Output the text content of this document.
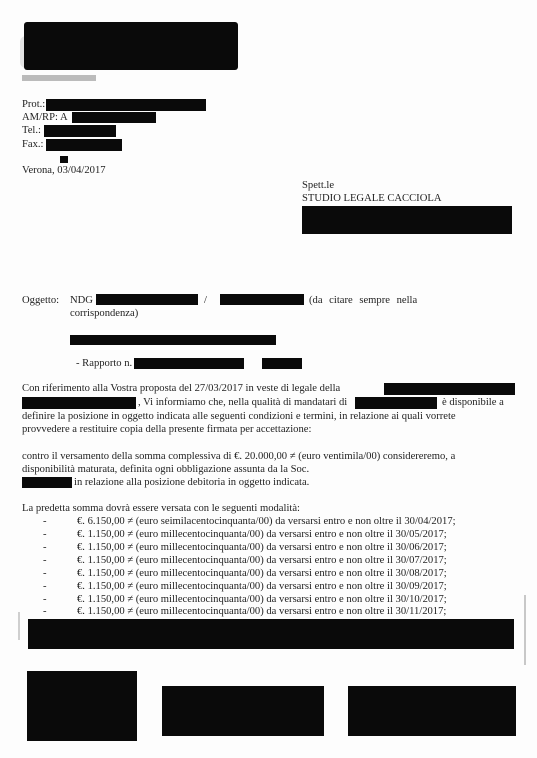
Prot.:
AM/RP: A
Tel.:
Fax.:
Verona, 03/04/2017
Spett.le
STUDIO LEGALE CACCIOLA
Oggetto: NDG	/	(da citare sempre nella
corrispondenza)
- Rapporto n.
Con riferimento alla Vostra proposta del 27/03/2017 in veste di legale della
, Vi informiamo che, nella qualità di mandatari di	è disponibile a
definire la posizione in oggetto indicata alle seguenti condizioni e termini, in relazione ai quali vorrete
provvedere a restituire copia della presente firmata per accettazione:
contro il versamento della somma complessiva di €. 20.000,00 ≠ (euro ventimila/00) considereremo, a
disponibilità maturata, definita ogni obbligazione assunta da la Soc.
in relazione alla posizione debitoria in oggetto indicata.
La predetta somma dovrà essere versata con le seguenti modalità:
-	€. 6.150,00 ≠ (euro seimilacentocinquanta/00) da versarsi entro e non oltre il 30/04/2017;
-	€. 1.150,00 ≠ (euro millecentocinquanta/00) da versarsi entro e non oltre il 30/05/2017;
-	€. 1.150,00 ≠ (euro millecentocinquanta/00) da versarsi entro e non oltre il 30/06/2017;
-	€. 1.150,00 ≠ (euro millecentocinquanta/00) da versarsi entro e non oltre il 30/07/2017;
-	€. 1.150,00 ≠ (euro millecentocinquanta/00) da versarsi entro e non oltre il 30/08/2017;
-	€. 1.150,00 ≠ (euro millecentocinquanta/00) da versarsi entro e non oltre il 30/09/2017;
-	€. 1.150,00 ≠ (euro millecentocinquanta/00) da versarsi entro e non oltre il 30/10/2017;
-	€. 1.150,00 ≠ (euro millecentocinquanta/00) da versarsi entro e non oltre il 30/11/2017;
